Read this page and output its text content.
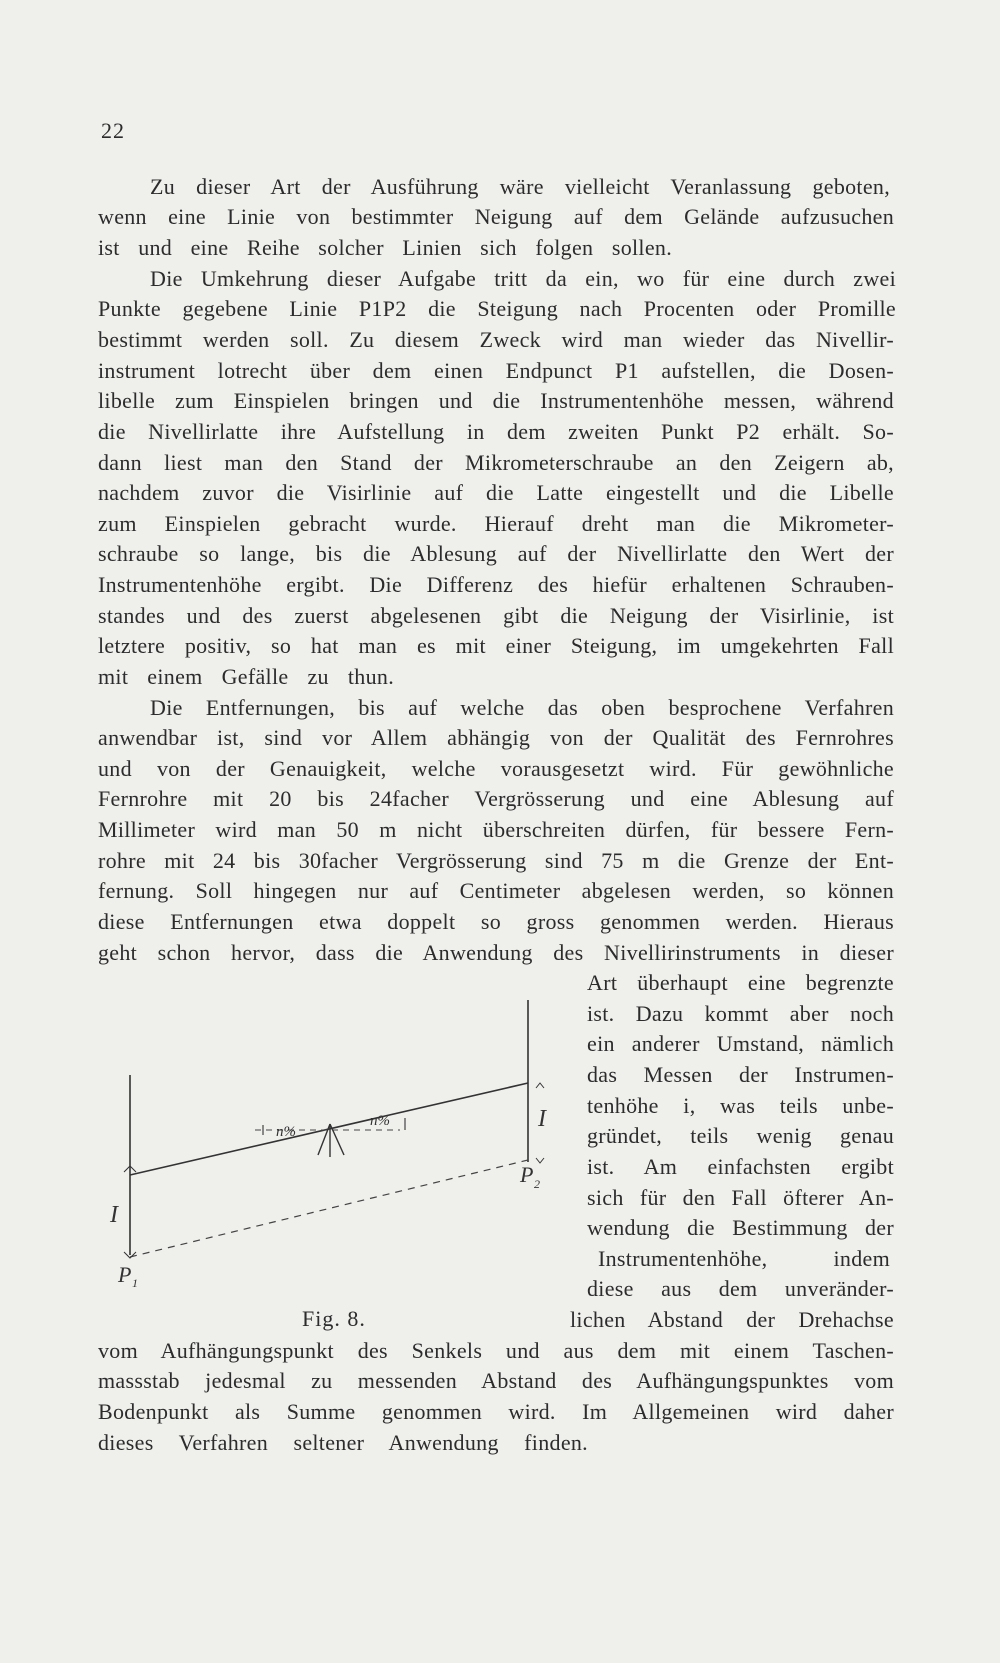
22
Zu dieser Art der Ausführung wäre vielleicht Veranlassung geboten,
wenn eine Linie von bestimmter Neigung auf dem Gelände aufzusuchen
ist und eine Reihe solcher Linien sich folgen sollen.
Die Umkehrung dieser Aufgabe tritt da ein, wo für eine durch zwei
Punkte gegebene Linie P1P2 die Steigung nach Procenten oder Promille
bestimmt werden soll. Zu diesem Zweck wird man wieder das Nivellir-
instrument lotrecht über dem einen Endpunct P1 aufstellen, die Dosen-
libelle zum Einspielen bringen und die Instrumentenhöhe messen, während
die Nivellirlatte ihre Aufstellung in dem zweiten Punkt P2 erhält. So-
dann liest man den Stand der Mikrometerschraube an den Zeigern ab,
nachdem zuvor die Visirlinie auf die Latte eingestellt und die Libelle
zum Einspielen gebracht wurde. Hierauf dreht man die Mikrometer-
schraube so lange, bis die Ablesung auf der Nivellirlatte den Wert der
Instrumentenhöhe ergibt. Die Differenz des hiefür erhaltenen Schrauben-
standes und des zuerst abgelesenen gibt die Neigung der Visirlinie, ist
letztere positiv, so hat man es mit einer Steigung, im umgekehrten Fall
mit einem Gefälle zu thun.
Die Entfernungen, bis auf welche das oben besprochene Verfahren
anwendbar ist, sind vor Allem abhängig von der Qualität des Fernrohres
und von der Genauigkeit, welche vorausgesetzt wird. Für gewöhnliche
Fernrohre mit 20 bis 24facher Vergrösserung und eine Ablesung auf
Millimeter wird man 50 m nicht überschreiten dürfen, für bessere Fern-
rohre mit 24 bis 30facher Vergrösserung sind 75 m die Grenze der Ent-
fernung. Soll hingegen nur auf Centimeter abgelesen werden, so können
diese Entfernungen etwa doppelt so gross genommen werden. Hieraus
geht schon hervor, dass die Anwendung des Nivellirinstruments in dieser
Art überhaupt eine begrenzte
ist. Dazu kommt aber noch
ein anderer Umstand, nämlich
das Messen der Instrumen-
tenhöhe i, was teils unbe-
gründet, teils wenig genau
ist. Am einfachsten ergibt
sich für den Fall öfterer An-
wendung die Bestimmung der
Instrumentenhöhe, indem
diese aus dem unveränder-
lichen Abstand der Drehachse
vom Aufhängungspunkt des Senkels und aus dem mit einem Taschen-
massstab jedesmal zu messenden Abstand des Aufhängungspunktes vom
Bodenpunkt als Summe genommen wird. Im Allgemeinen wird daher
dieses Verfahren seltener Anwendung finden.
n%
n%
I
I
P 1
P 2
Fig. 8.
